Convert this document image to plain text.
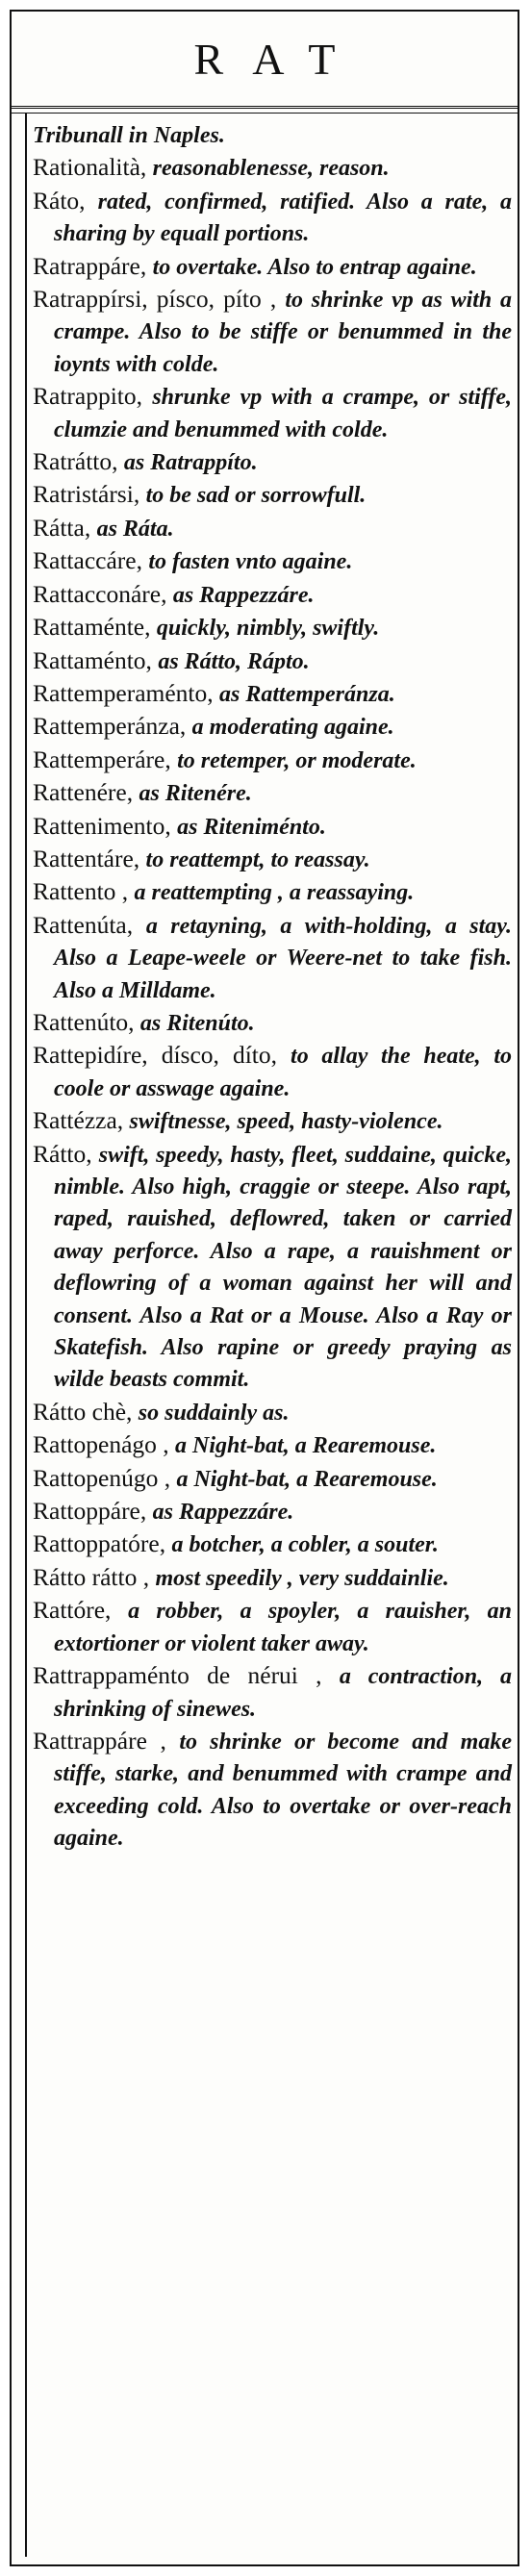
RAT

Tribunall in Naples.

Rationalità, reasonablenesse, reason.

Ráto, rated, confirmed, ratified. Also a rate, a sharing by equall portions.

Ratrappáre, to overtake. Also to entrap againe.

Ratrappírsi, písco, píto , to shrinke vp as with a crampe. Also to be stiffe or benummed in the ioynts with colde.

Ratrappito, shrunke vp with a crampe, or stiffe, clumzie and benummed with colde.

Ratrátto, as Ratrappíto.

Ratristársi, to be sad or sorrowfull.

Rátta, as Ráta.

Rattaccáre, to fasten vnto againe.

Rattacconáre, as Rappezzáre.

Rattaménte, quickly, nimbly, swiftly.

Rattaménto, as Rátto, Rápto.

Rattemperaménto, as Rattemperánza.

Rattemperánza, a moderating againe.

Rattemperáre, to retemper, or moderate.

Rattenére, as Ritenére.

Rattenimento, as Riteniménto.

Rattentáre, to reattempt, to reassay.

Rattento , a reattempting , a reassaying.

Rattenúta, a retayning, a with-holding, a stay. Also a Leape-weele or Weere-net to take fish. Also a Milldame.

Rattenúto, as Ritenúto.

Rattepidíre, dísco, díto, to allay the heate, to coole or asswage againe.

Rattézza, swiftnesse, speed, hasty-violence.

Rátto, swift, speedy, hasty, fleet, suddaine, quicke, nimble. Also high, craggie or steepe. Also rapt, raped, rauished, deflowred, taken or carried away perforce. Also a rape, a rauishment or deflowring of a woman against her will and consent. Also a Rat or a Mouse. Also a Ray or Skatefish. Also rapine or greedy praying as wilde beasts commit.

Rátto chè, so suddainly as.

Rattopenágo , a Night-bat, a Rearemouse.

Rattopenúgo , a Night-bat, a Rearemouse.

Rattoppáre, as Rappezzáre.

Rattoppatóre, a botcher, a cobler, a souter.

Rátto rátto , most speedily , very suddainlie.

Rattóre, a robber, a spoyler, a rauisher, an extortioner or violent taker away.

Rattrappaménto de nérui , a contraction, a shrinking of sinewes.

Rattrappáre , to shrinke or become and make stiffe, starke, and benummed with crampe and exceeding cold. Also to overtake or over-reach againe.
